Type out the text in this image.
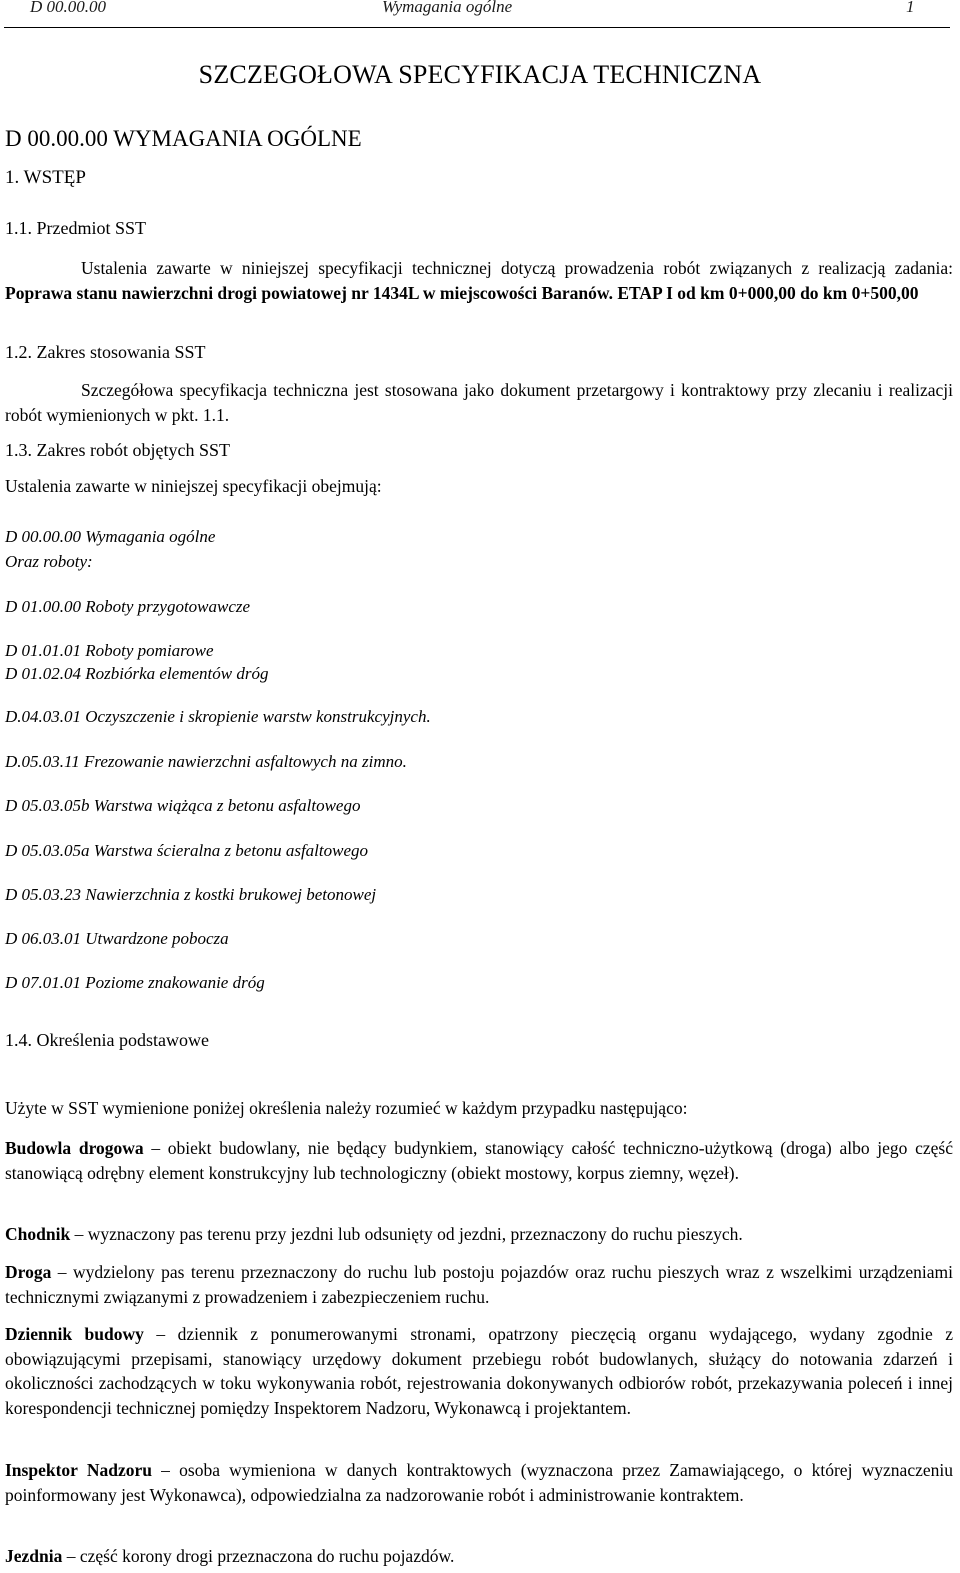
D 00.00.00	Wymagania ogólne	1
SZCZEGOŁOWA SPECYFIKACJA TECHNICZNA
D 00.00.00 WYMAGANIA OGÓLNE
1. WSTĘP
1.1. Przedmiot SST
Ustalenia zawarte w niniejszej specyfikacji technicznej dotyczą prowadzenia robót związanych z realizacją zadania: Poprawa stanu nawierzchni drogi powiatowej nr 1434L w miejscowości Baranów. ETAP I od km 0+000,00 do km 0+500,00
1.2. Zakres stosowania SST
Szczegółowa specyfikacja techniczna jest stosowana jako dokument przetargowy i kontraktowy przy zlecaniu i realizacji robót wymienionych w pkt. 1.1.
1.3. Zakres robót objętych SST
Ustalenia zawarte w niniejszej specyfikacji obejmują:
D 00.00.00 Wymagania ogólne
Oraz roboty:
D 01.00.00 Roboty przygotowawcze
D 01.01.01 Roboty pomiarowe
D 01.02.04 Rozbiórka elementów dróg
D.04.03.01 Oczyszczenie i skropienie warstw konstrukcyjnych.
D.05.03.11 Frezowanie nawierzchni asfaltowych na zimno.
D 05.03.05b Warstwa wiążąca z betonu asfaltowego
D 05.03.05a Warstwa ścieralna z betonu asfaltowego
D 05.03.23 Nawierzchnia z kostki brukowej betonowej
D 06.03.01 Utwardzone pobocza
D 07.01.01 Poziome znakowanie dróg
1.4. Określenia podstawowe
Użyte w SST wymienione poniżej określenia należy rozumieć w każdym przypadku następująco:
Budowla drogowa – obiekt budowlany, nie będący budynkiem, stanowiący całość techniczno-użytkową (droga) albo jego część stanowiącą odrębny element konstrukcyjny lub technologiczny (obiekt mostowy, korpus ziemny, węzeł).
Chodnik – wyznaczony pas terenu przy jezdni lub odsunięty od jezdni, przeznaczony do ruchu pieszych.
Droga – wydzielony pas terenu przeznaczony do ruchu lub postoju pojazdów oraz ruchu pieszych wraz z wszelkimi urządzeniami technicznymi związanymi z prowadzeniem i zabezpieczeniem ruchu.
Dziennik budowy – dziennik z ponumerowanymi stronami, opatrzony pieczęcią organu wydającego, wydany zgodnie z obowiązującymi przepisami, stanowiący urzędowy dokument przebiegu robót budowlanych, służący do notowania zdarzeń i okoliczności zachodzących w toku wykonywania robót, rejestrowania dokonywanych odbiorów robót, przekazywania poleceń i innej korespondencji technicznej pomiędzy Inspektorem Nadzoru, Wykonawcą i projektantem.
Inspektor Nadzoru – osoba wymieniona w danych kontraktowych (wyznaczona przez Zamawiającego, o której wyznaczeniu poinformowany jest Wykonawca), odpowiedzialna za nadzorowanie robót i administrowanie kontraktem.
Jezdnia – część korony drogi przeznaczona do ruchu pojazdów.
